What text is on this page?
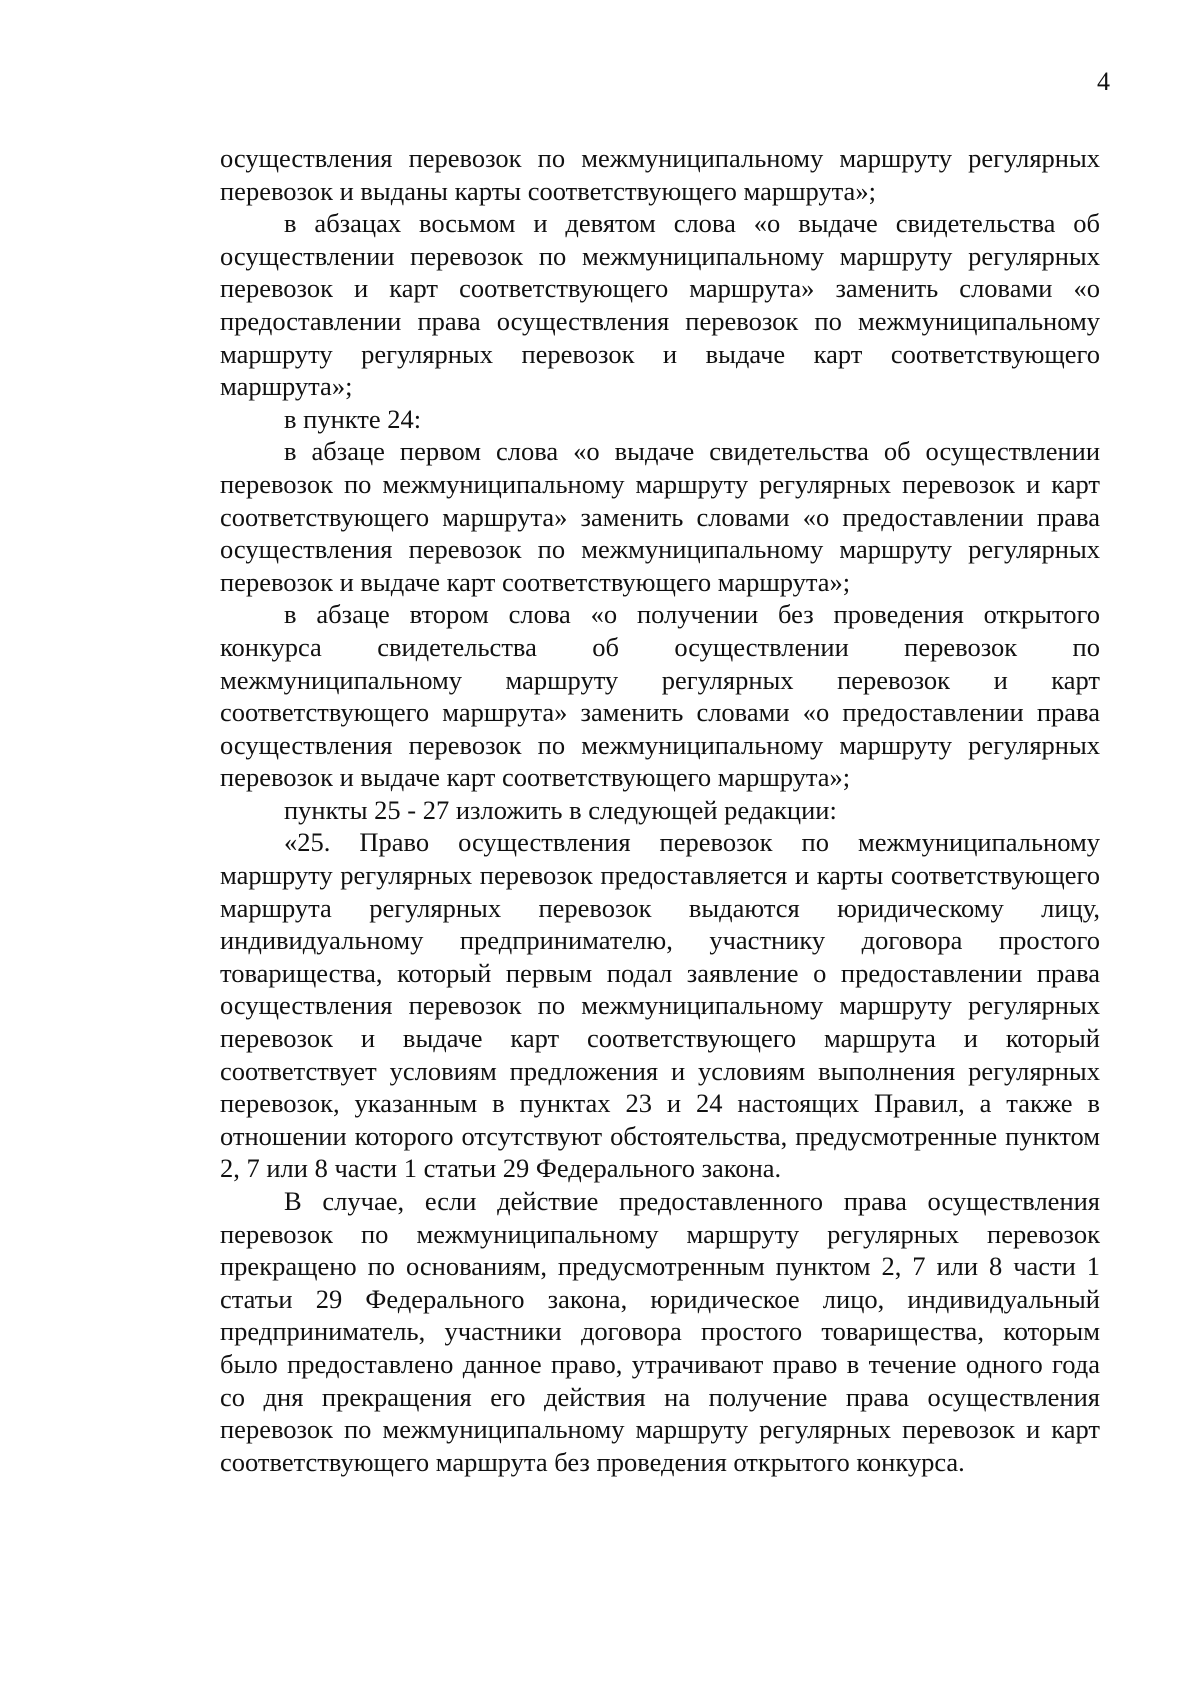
4

осуществления перевозок по межмуниципальному маршруту регулярных перевозок и выданы карты соответствующего маршрута»;

в абзацах восьмом и девятом слова «о выдаче свидетельства об осуществлении перевозок по межмуниципальному маршруту регулярных перевозок и карт соответствующего маршрута» заменить словами «о предоставлении права осуществления перевозок по межмуниципальному маршруту регулярных перевозок и выдаче карт соответствующего маршрута»;

в пункте 24:

в абзаце первом слова «о выдаче свидетельства об осуществлении перевозок по межмуниципальному маршруту регулярных перевозок и карт соответствующего маршрута» заменить словами «о предоставлении права осуществления перевозок по межмуниципальному маршруту регулярных перевозок и выдаче карт соответствующего маршрута»;

в абзаце втором слова «о получении без проведения открытого конкурса свидетельства об осуществлении перевозок по межмуниципальному маршруту регулярных перевозок и карт соответствующего маршрута» заменить словами «о предоставлении права осуществления перевозок по межмуниципальному маршруту регулярных перевозок и выдаче карт соответствующего маршрута»;

пункты 25 - 27 изложить в следующей редакции:

«25. Право осуществления перевозок по межмуниципальному маршруту регулярных перевозок предоставляется и карты соответствующего маршрута регулярных перевозок выдаются юридическому лицу, индивидуальному предпринимателю, участнику договора простого товарищества, который первым подал заявление о предоставлении права осуществления перевозок по межмуниципальному маршруту регулярных перевозок и выдаче карт соответствующего маршрута и который соответствует условиям предложения и условиям выполнения регулярных перевозок, указанным в пунктах 23 и 24 настоящих Правил, а также в отношении которого отсутствуют обстоятельства, предусмотренные пунктом 2, 7 или 8 части 1 статьи 29 Федерального закона.

В случае, если действие предоставленного права осуществления перевозок по межмуниципальному маршруту регулярных перевозок прекращено по основаниям, предусмотренным пунктом 2, 7 или 8 части 1 статьи 29 Федерального закона, юридическое лицо, индивидуальный предприниматель, участники договора простого товарищества, которым было предоставлено данное право, утрачивают право в течение одного года со дня прекращения его действия на получение права осуществления перевозок по межмуниципальному маршруту регулярных перевозок и карт соответствующего маршрута без проведения открытого конкурса.
